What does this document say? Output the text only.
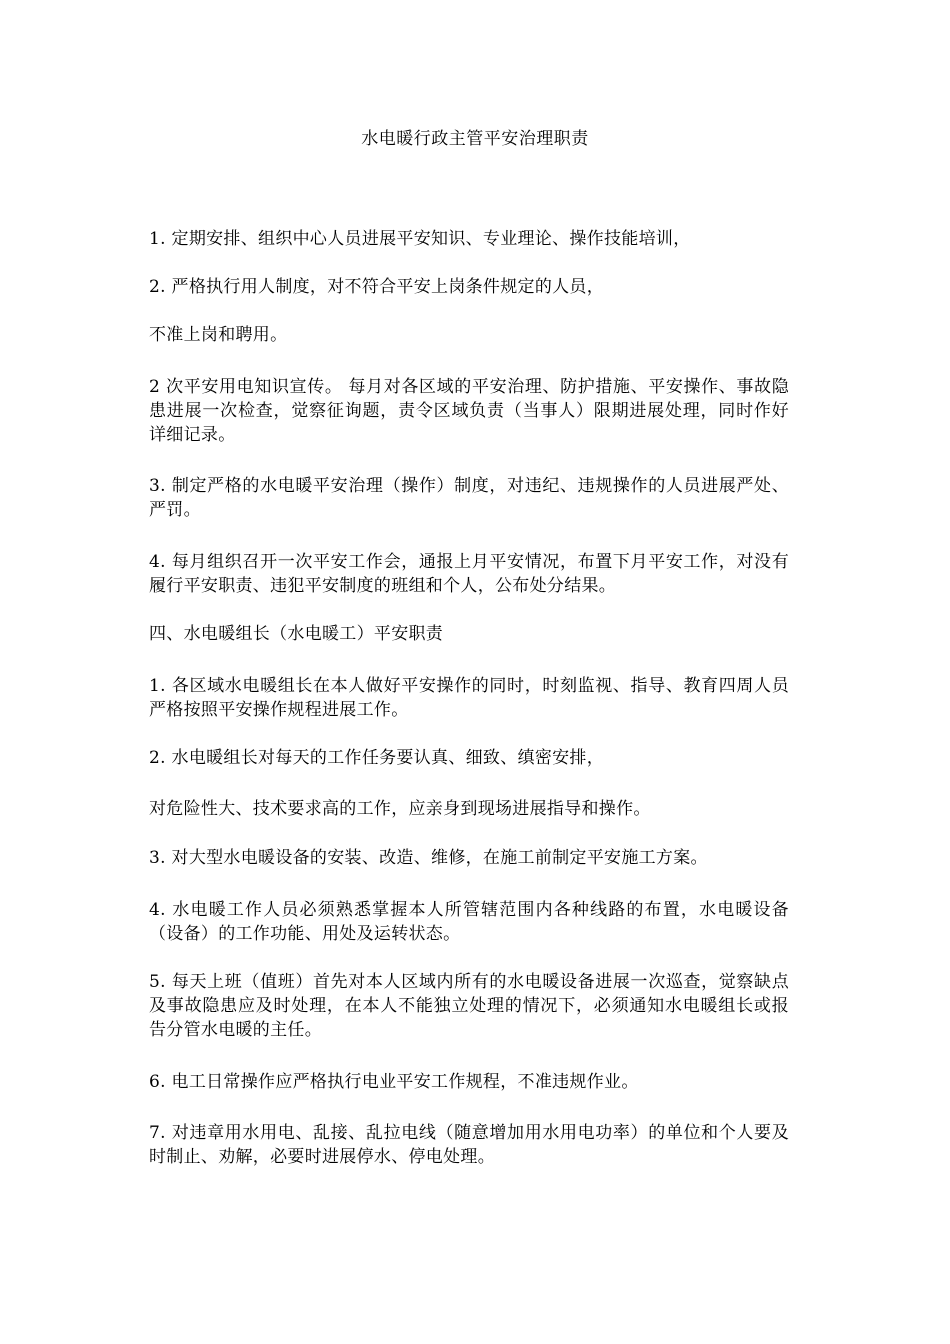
水电暖行政主管平安治理职责

1. 定期安排、组织中心人员进展平安知识、专业理论、操作技能培训，

2. 严格执行用人制度，对不符合平安上岗条件规定的人员，

不准上岗和聘用。

2 次平安用电知识宣传。 每月对各区域的平安治理、防护措施、平安操作、事故隐患进展一次检查，觉察征询题，责令区域负责（当事人）限期进展处理，同时作好详细记录。

3. 制定严格的水电暖平安治理（操作）制度，对违纪、违规操作的人员进展严处、严罚。

4. 每月组织召开一次平安工作会，通报上月平安情况，布置下月平安工作，对没有履行平安职责、违犯平安制度的班组和个人，公布处分结果。

四、水电暖组长（水电暖工）平安职责

1. 各区域水电暖组长在本人做好平安操作的同时，时刻监视、指导、教育四周人员严格按照平安操作规程进展工作。

2. 水电暖组长对每天的工作任务要认真、细致、缜密安排，

对危险性大、技术要求高的工作，应亲身到现场进展指导和操作。

3. 对大型水电暖设备的安装、改造、维修，在施工前制定平安施工方案。

4. 水电暖工作人员必须熟悉掌握本人所管辖范围内各种线路的布置，水电暖设备（设备）的工作功能、用处及运转状态。

5. 每天上班（值班）首先对本人区域内所有的水电暖设备进展一次巡查，觉察缺点及事故隐患应及时处理，在本人不能独立处理的情况下，必须通知水电暖组长或报告分管水电暖的主任。

6. 电工日常操作应严格执行电业平安工作规程，不准违规作业。

7. 对违章用水用电、乱接、乱拉电线（随意增加用水用电功率）的单位和个人要及时制止、劝解，必要时进展停水、停电处理。
